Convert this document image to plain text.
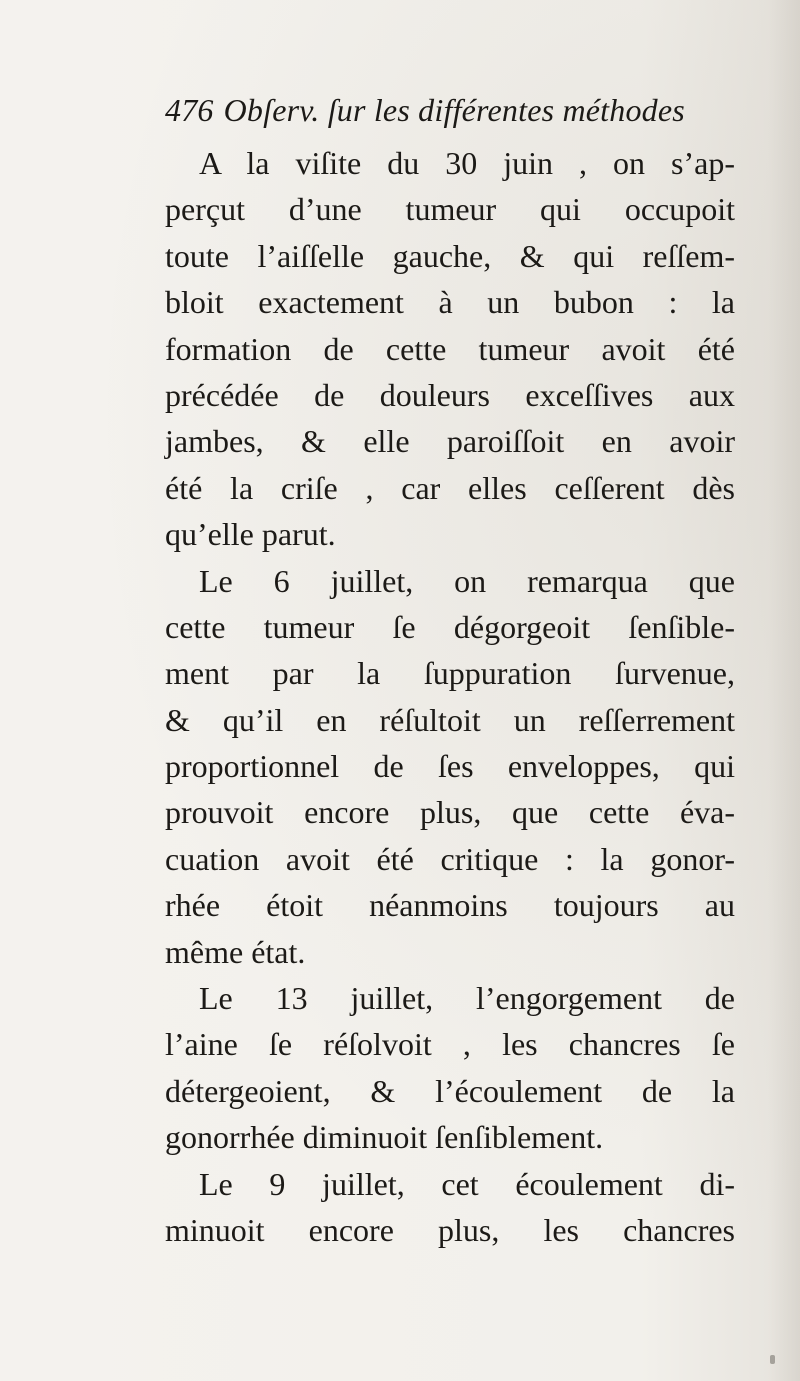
476 Obſerv. ſur les différentes méthodes
A la viſite du 30 juin , on s’ap-
perçut d’une tumeur qui occupoit
toute l’aiſſelle gauche, & qui reſſem-
bloit exactement à un bubon : la
formation de cette tumeur avoit été
précédée de douleurs exceſſives aux
jambes, & elle paroiſſoit en avoir
été la criſe , car elles ceſſerent dès
qu’elle parut.
Le 6 juillet, on remarqua que
cette tumeur ſe dégorgeoit ſenſible-
ment par la ſuppuration ſurvenue,
& qu’il en réſultoit un reſſerrement
proportionnel de ſes enveloppes, qui
prouvoit encore plus, que cette éva-
cuation avoit été critique : la gonor-
rhée étoit néanmoins toujours au
même état.
Le 13 juillet, l’engorgement de
l’aine ſe réſolvoit , les chancres ſe
détergeoient, & l’écoulement de la
gonorrhée diminuoit ſenſiblement.
Le 9 juillet, cet écoulement di-
minuoit encore plus, les chancres
